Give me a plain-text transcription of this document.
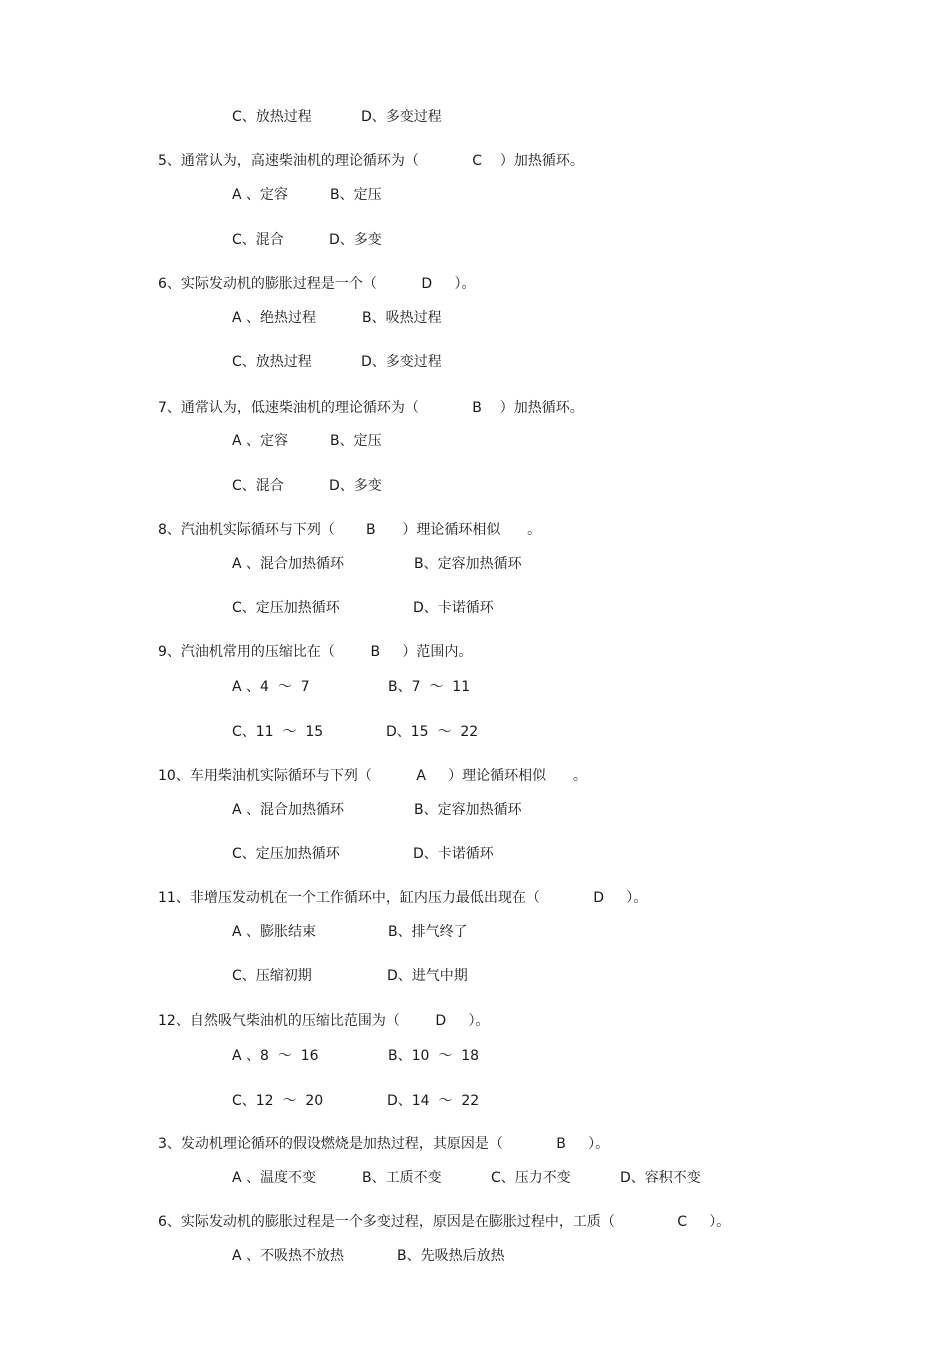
C、放热过程	D、多变过程
5、通常认为，高速柴油机的理论循环为（            C    ）加热循环。
A 、定容	B、定压
C、混合	D、多变
6、实际发动机的膨胀过程是一个（          D     ）。
A 、绝热过程	B、吸热过程
C、放热过程	D、多变过程
7、通常认为，低速柴油机的理论循环为（            B    ）加热循环。
A 、定容	B、定压
C、混合	D、多变
8、汽油机实际循环与下列（       B      ）理论循环相似      。
A 、混合加热循环	B、定容加热循环
C、定压加热循环	D、卡诺循环
9、汽油机常用的压缩比在（        B     ）范围内。
A 、4  ～  7	B、7  ～  11
C、11  ～  15	D、15  ～  22
10、车用柴油机实际循环与下列（          A     ）理论循环相似      。
A 、混合加热循环	B、定容加热循环
C、定压加热循环	D、卡诺循环
11、非增压发动机在一个工作循环中，缸内压力最低出现在（            D     ）。
A 、膨胀结束	B、排气终了
C、压缩初期	D、进气中期
12、自然吸气柴油机的压缩比范围为（        D     ）。
A 、8  ～  16	B、10  ～  18
C、12  ～  20	D、14  ～  22
3、发动机理论循环的假设燃烧是加热过程，其原因是（            B     ）。
A 、温度不变	B、工质不变	C、压力不变	D、容积不变
6、实际发动机的膨胀过程是一个多变过程，原因是在膨胀过程中，工质（              C     ）。
A 、不吸热不放热	B、先吸热后放热
